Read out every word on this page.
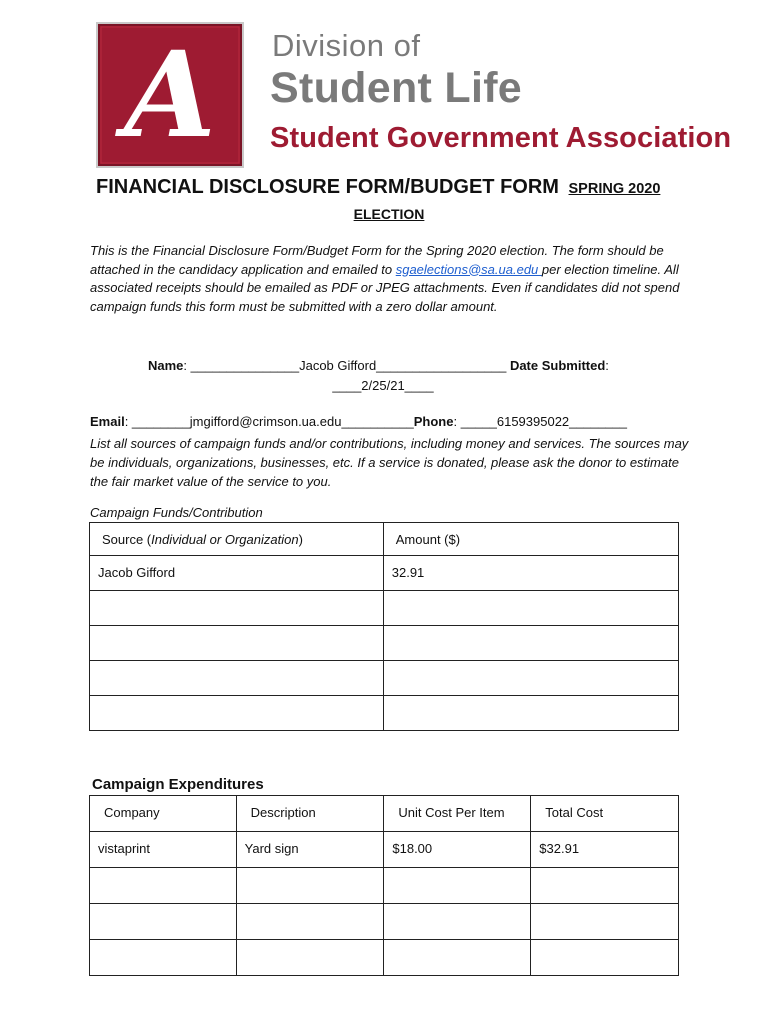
A Division of
Student Life
Student Government Association
FINANCIAL DISCLOSURE FORM/BUDGET FORM SPRING 2020
ELECTION
This is the Financial Disclosure Form/Budget Form for the Spring 2020 election. The form should be attached in the candidacy application and emailed to sgaelections@sa.ua.edu per election timeline. All associated receipts should be emailed as PDF or JPEG attachments. Even if candidates did not spend campaign funds this form must be submitted with a zero dollar amount.
Name: _______________Jacob Gifford__________________ Date Submitted:
____2/25/21____
Email: ________jmgifford@crimson.ua.edu__________Phone: _____6159395022________
List all sources of campaign funds and/or contributions, including money and services. The sources may be individuals, organizations, businesses, etc. If a service is donated, please ask the donor to estimate the fair market value of the service to you.
Campaign Funds/Contribution
Source (Individual or Organization)	Amount ($)

Jacob Gifford	32.91

Campaign Expenditures
Company	Description	Unit Cost Per Item	Total Cost

vistaprint	Yard sign	$18.00	$32.91
